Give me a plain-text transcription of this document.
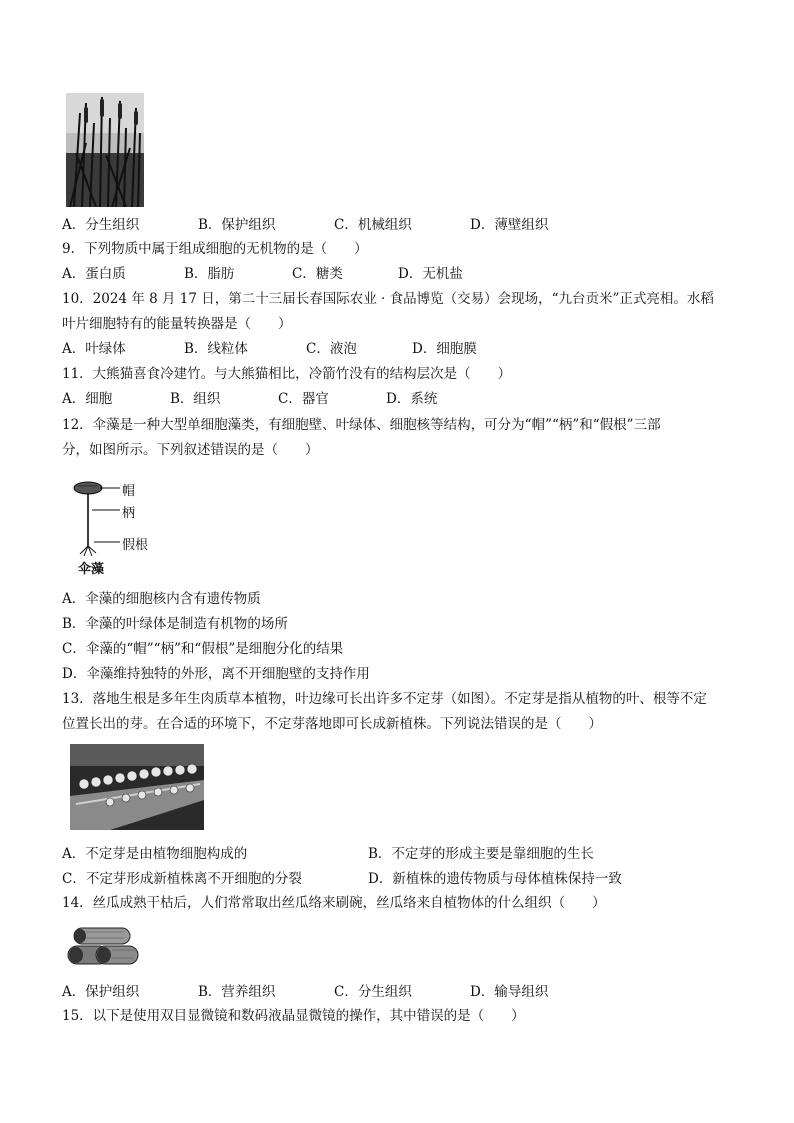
A．分生组织	B．保护组织	C．机械组织	D．薄壁组织
9．下列物质中属于组成细胞的无机物的是（　　）
A．蛋白质	B．脂肪	C．糖类	D．无机盐
10．2024 年 8 月 17 日，第二十三届长春国际农业 · 食品博览（交易）会现场，“九台贡米”正式亮相。水稻
叶片细胞特有的能量转换器是（　　）
A．叶绿体	B．线粒体	C．液泡	D．细胞膜
11．大熊猫喜食冷建竹。与大熊猫相比，冷箭竹没有的结构层次是（　　）
A．细胞	B．组织	C．器官	D．系统
12．伞藻是一种大型单细胞藻类，有细胞壁、叶绿体、细胞核等结构，可分为“帽”“柄”和“假根”三部
分，如图所示。下列叙述错误的是（　　）
帽
柄
假根
伞藻
A．伞藻的细胞核内含有遗传物质
B．伞藻的叶绿体是制造有机物的场所
C．伞藻的“帽”“柄”和“假根”是细胞分化的结果
D．伞藻维持独特的外形，离不开细胞壁的支持作用
13．落地生根是多年生肉质草本植物，叶边缘可长出许多不定芽（如图）。不定芽是指从植物的叶、根等不定
位置长出的芽。在合适的环境下，不定芽落地即可长成新植株。下列说法错误的是（　　）
A．不定芽是由植物细胞构成的	B．不定芽的形成主要是靠细胞的生长
C．不定芽形成新植株离不开细胞的分裂	D．新植株的遗传物质与母体植株保持一致
14．丝瓜成熟干枯后，人们常常取出丝瓜络来刷碗，丝瓜络来自植物体的什么组织（　　）
A．保护组织	B．营养组织	C．分生组织	D．输导组织
15．以下是使用双目显微镜和数码液晶显微镜的操作，其中错误的是（　　）
